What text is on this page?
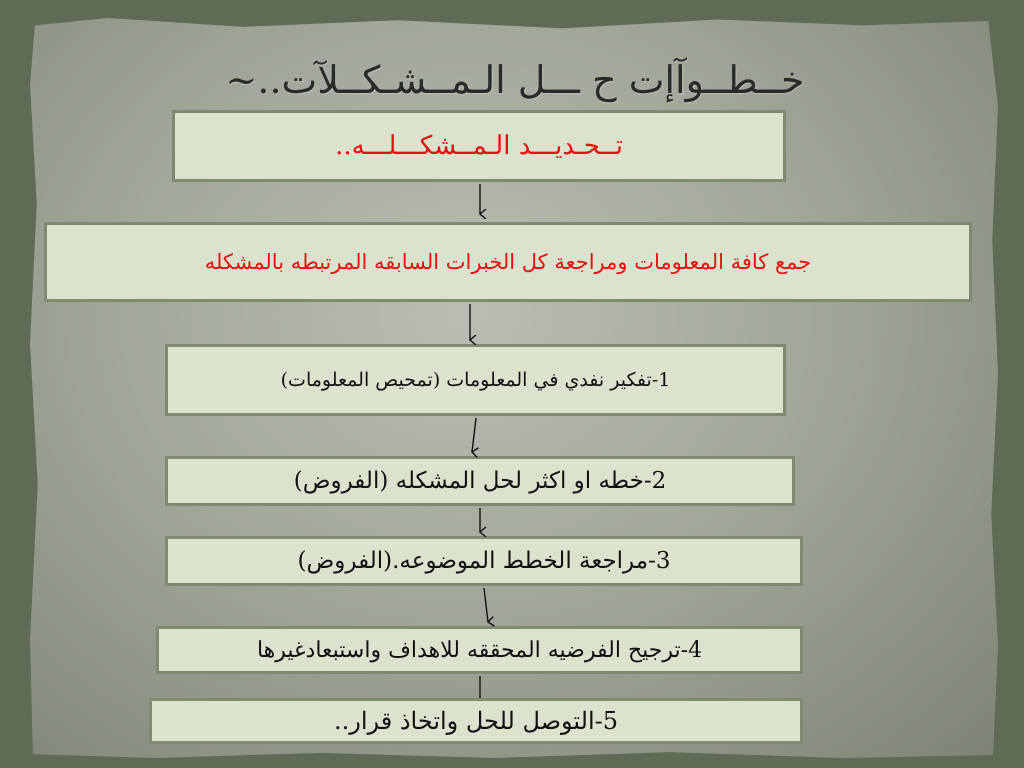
خــطــوآإت ح ـــل الـمــشـكــلآت..~
تــحـديـــد الـمــشكـــلـــه..
جمع كافة المعلومات ومراجعة كل الخبرات السابقه المرتبطه بالمشكله
1-تفكير نفدي في المعلومات (تمحيص المعلومات)
2-خطه او اكثر لحل المشكله (الفروض)
3-مراجعة الخطط الموضوعه.(الفروض)
4-ترجيح الفرضيه المحققه للاهداف واستبعادغيرها
5-التوصل للحل واتخاذ قرار..
